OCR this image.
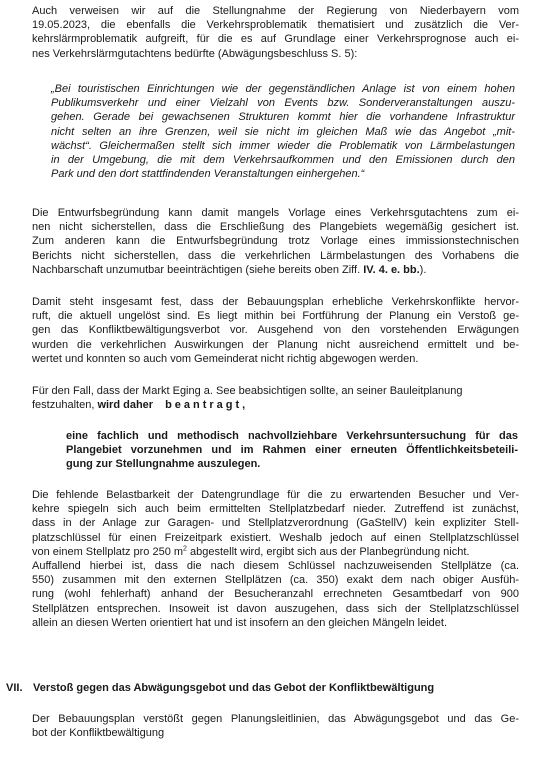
Auch verweisen wir auf die Stellungnahme der Regierung von Niederbayern vom
19.05.2023, die ebenfalls die Verkehrsproblematik thematisiert und zusätzlich die Ver-
kehrslärmproblematik aufgreift, für die es auf Grundlage einer Verkehrsprognose auch ei-
nes Verkehrslärmgutachtens bedürfte (Abwägungsbeschluss S. 5):
„Bei touristischen Einrichtungen wie der gegenständlichen Anlage ist von einem hohen
Publikumsverkehr und einer Vielzahl von Events bzw. Sonderveranstaltungen auszu-
gehen. Gerade bei gewachsenen Strukturen kommt hier die vorhandene Infrastruktur
nicht selten an ihre Grenzen, weil sie nicht im gleichen Maß wie das Angebot „mit-
wächst“. Gleichermaßen stellt sich immer wieder die Problematik von Lärmbelastungen
in der Umgebung, die mit dem Verkehrsaufkommen und den Emissionen durch den
Park und den dort stattfindenden Veranstaltungen einhergehen.“
Die Entwurfsbegründung kann damit mangels Vorlage eines Verkehrsgutachtens zum ei-
nen nicht sicherstellen, dass die Erschließung des Plangebiets wegemäßig gesichert ist.
Zum anderen kann die Entwurfsbegründung trotz Vorlage eines immissionstechnischen
Berichts nicht sicherstellen, dass die verkehrlichen Lärmbelastungen des Vorhabens die
Nachbarschaft unzumutbar beeinträchtigen (siehe bereits oben Ziff. IV. 4. e. bb.).
Damit steht insgesamt fest, dass der Bebauungsplan erhebliche Verkehrskonflikte hervor-
ruft, die aktuell ungelöst sind. Es liegt mithin bei Fortführung der Planung ein Verstoß ge-
gen das Konfliktbewältigungsverbot vor. Ausgehend von den vorstehenden Erwägungen
wurden die verkehrlichen Auswirkungen der Planung nicht ausreichend ermittelt und be-
wertet und konnten so auch vom Gemeinderat nicht richtig abgewogen werden.
Für den Fall, dass der Markt Eging a. See beabsichtigen sollte, an seiner Bauleitplanung
festzuhalten, wird daher beantragt,
eine fachlich und methodisch nachvollziehbare Verkehrsuntersuchung für das
Plangebiet vorzunehmen und im Rahmen einer erneuten Öffentlichkeitsbeteili-
gung zur Stellungnahme auszulegen.
Die fehlende Belastbarkeit der Datengrundlage für die zu erwartenden Besucher und Ver-
kehre spiegeln sich auch beim ermittelten Stellplatzbedarf nieder. Zutreffend ist zunächst,
dass in der Anlage zur Garagen- und Stellplatzverordnung (GaStellV) kein expliziter Stell-
platzschlüssel für einen Freizeitpark existiert. Weshalb jedoch auf einen Stellplatzschlüssel
von einem Stellplatz pro 250 $m^2$ abgestellt wird, ergibt sich aus der Planbegründung nicht.
Auffallend hierbei ist, dass die nach diesem Schlüssel nachzuweisenden Stellplätze (ca.
550) zusammen mit den externen Stellplätzen (ca. 350) exakt dem nach obiger Ausfüh-
rung (wohl fehlerhaft) anhand der Besucheranzahl errechneten Gesamtbedarf von 900
Stellplätzen entsprechen. Insoweit ist davon auszugehen, dass sich der Stellplatzschlüssel
allein an diesen Werten orientiert hat und ist insofern an den gleichen Mängeln leidet.
VII. Verstoß gegen das Abwägungsgebot und das Gebot der Konfliktbewältigung
Der Bebauungsplan verstößt gegen Planungsleitlinien, das Abwägungsgebot und das Ge-
bot der Konfliktbewältigung
